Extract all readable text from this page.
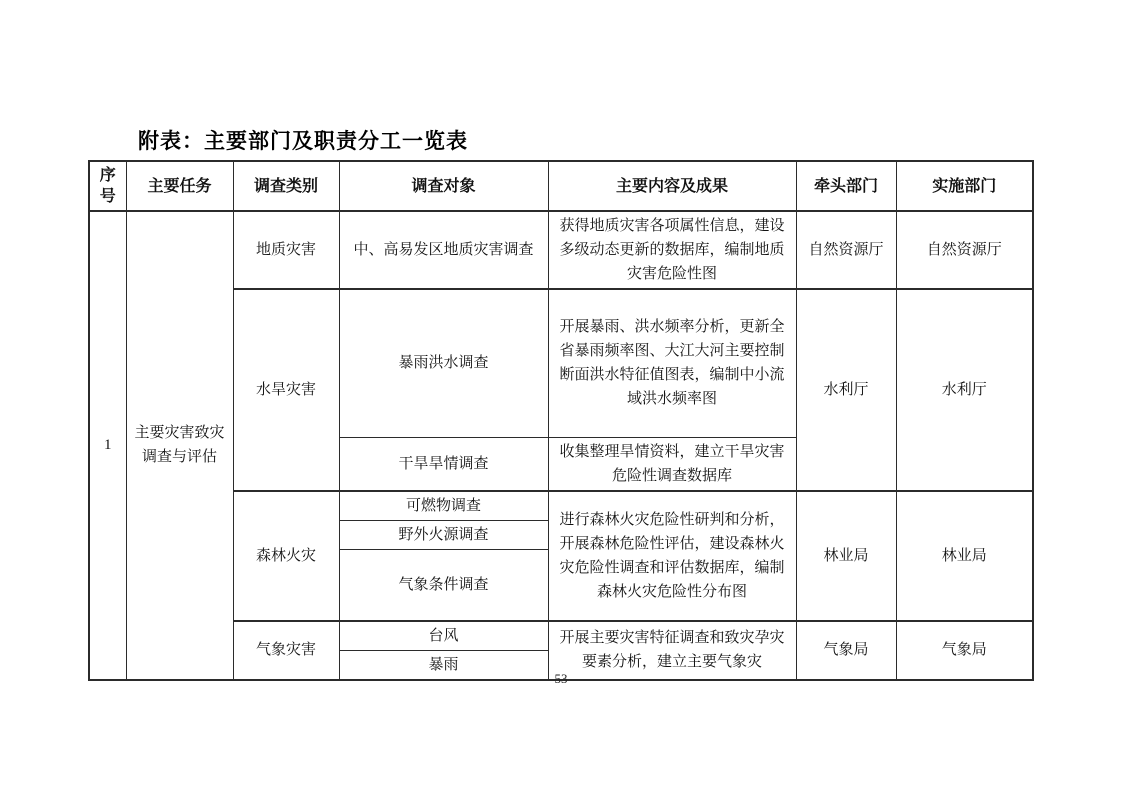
附表：主要部门及职责分工一览表
序号	主要任务	调查类别	调查对象	主要内容及成果	牵头部门	实施部门
1	主要灾害致灾调查与评估	地质灾害	中、高易发区地质灾害调查	获得地质灾害各项属性信息，建设多级动态更新的数据库，编制地质灾害危险性图	自然资源厅	自然资源厅
		水旱灾害	暴雨洪水调查	开展暴雨、洪水频率分析，更新全省暴雨频率图、大江大河主要控制断面洪水特征值图表，编制中小流域洪水频率图	水利厅	水利厅
			干旱旱情调查	收集整理旱情资料，建立干旱灾害危险性调查数据库		
		森林火灾	可燃物调查	进行森林火灾危险性研判和分析，开展森林危险性评估，建设森林火灾危险性调查和评估数据库，编制森林火灾危险性分布图	林业局	林业局
			野外火源调查			
			气象条件调查			
		气象灾害	台风	开展主要灾害特征调查和致灾孕灾要素分析，建立主要气象灾	气象局	气象局
			暴雨			
53
